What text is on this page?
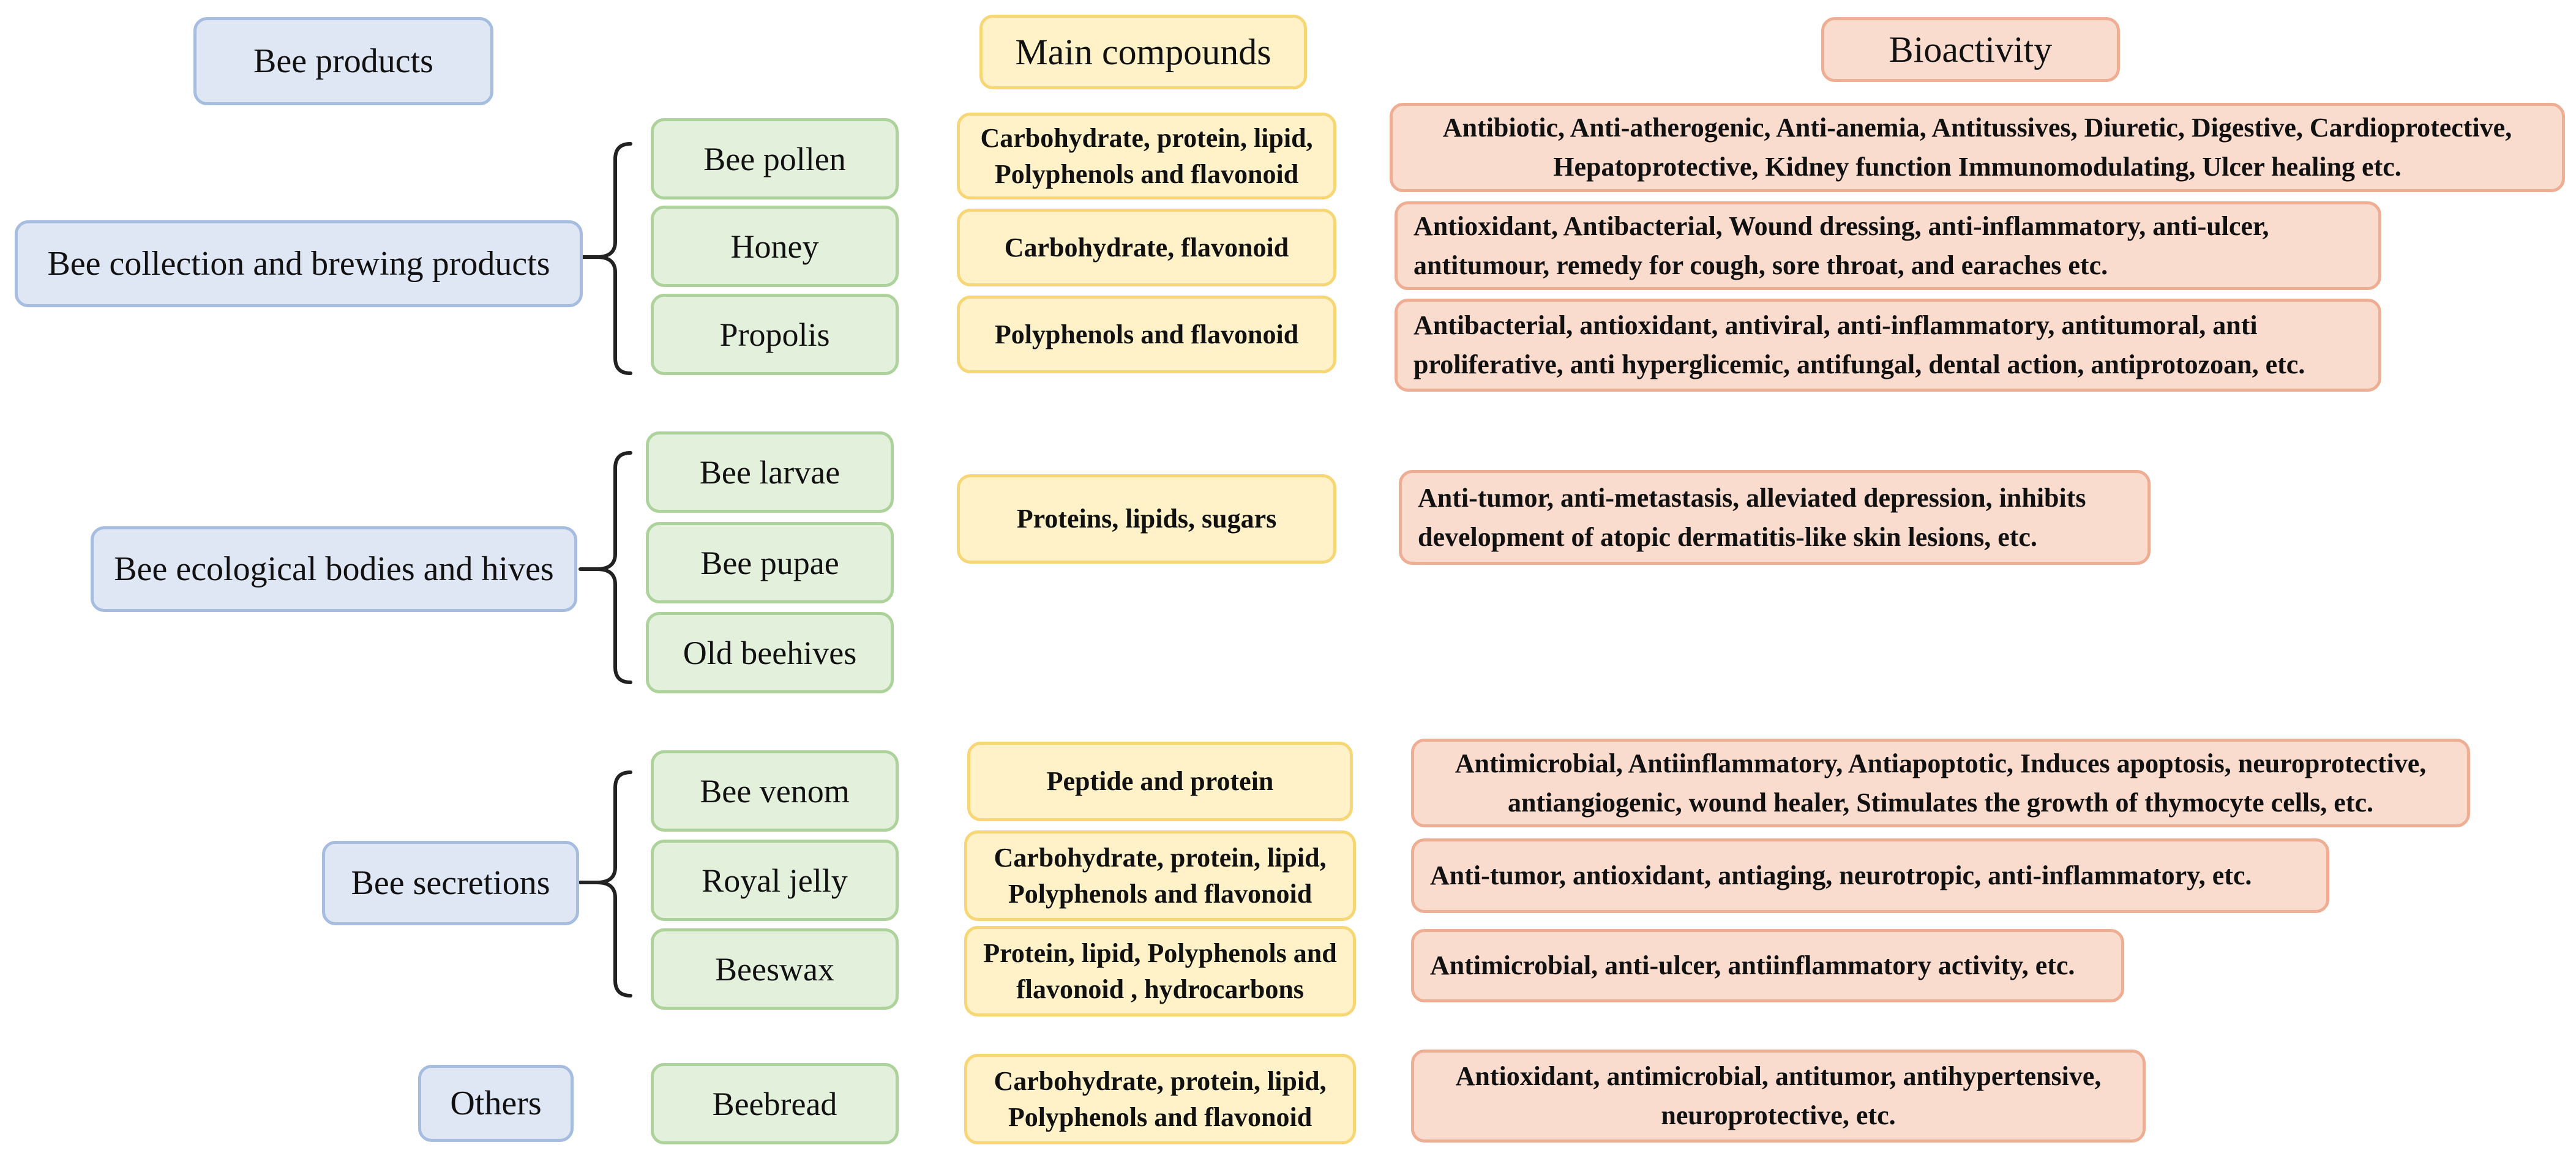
Bee products	Main compounds	Bioactivity
Bee collection and brewing products
Bee ecological bodies and hives
Bee secretions
Others
Bee pollen
Honey
Propolis
Carbohydrate, protein, lipid, Polyphenols and flavonoid
Carbohydrate, flavonoid
Polyphenols and flavonoid
Antibiotic, Anti-atherogenic, Anti-anemia, Antitussives, Diuretic, Digestive, Cardioprotective, Hepatoprotective, Kidney function Immunomodulating, Ulcer healing etc.
Antioxidant, Antibacterial, Wound dressing, anti-inflammatory, anti-ulcer, antitumour, remedy for cough, sore throat, and earaches etc.
Antibacterial, antioxidant, antiviral, anti-inflammatory, antitumoral, anti proliferative, anti hyperglicemic, antifungal, dental action, antiprotozoan, etc.
Bee larvae
Bee pupae
Old beehives
Proteins, lipids, sugars
Anti-tumor, anti-metastasis, alleviated depression, inhibits development of atopic dermatitis-like skin lesions, etc.
Bee venom
Royal jelly
Beeswax
Peptide and protein
Carbohydrate, protein, lipid, Polyphenols and flavonoid
Protein, lipid, Polyphenols and flavonoid , hydrocarbons
Antimicrobial, Antiinflammatory, Antiapoptotic, Induces apoptosis, neuroprotective, antiangiogenic, wound healer, Stimulates the growth of thymocyte cells, etc.
Anti-tumor, antioxidant, antiaging, neurotropic, anti-inflammatory, etc.
Antimicrobial, anti-ulcer, antiinflammatory activity, etc.
Beebread
Carbohydrate, protein, lipid, Polyphenols and flavonoid
Antioxidant, antimicrobial, antitumor, antihypertensive, neuroprotective, etc.
